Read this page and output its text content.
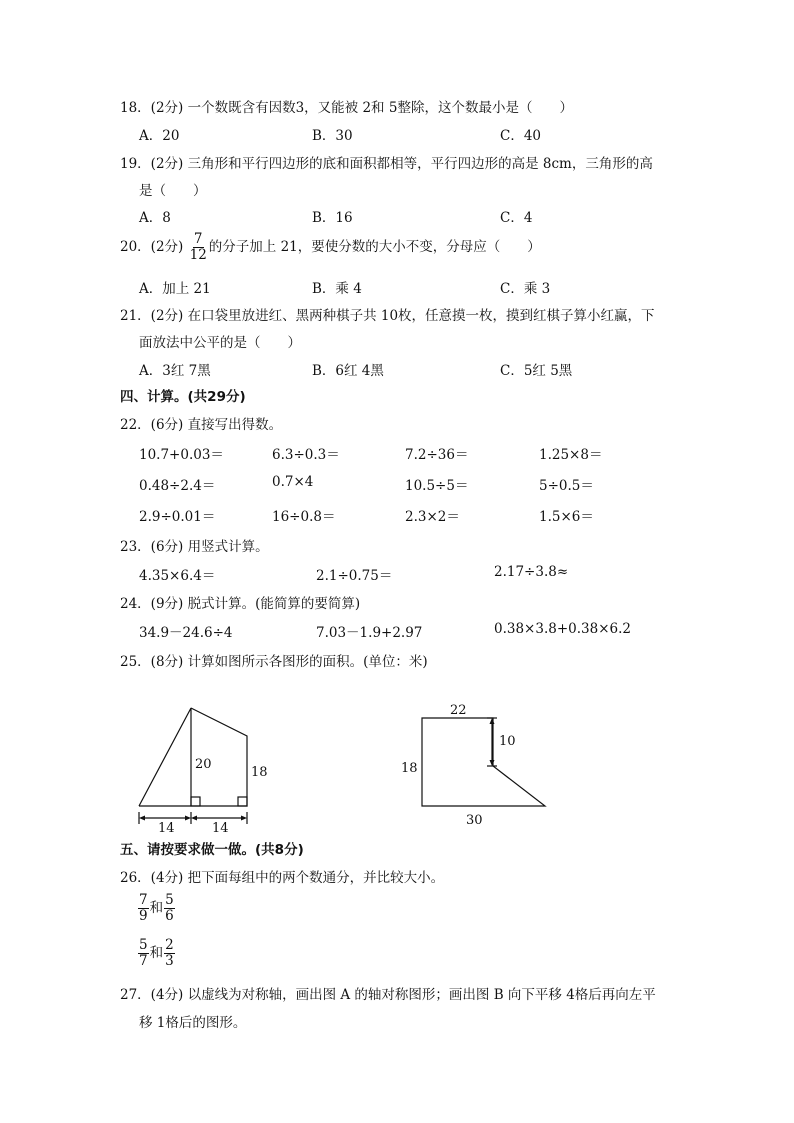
18．(2分) 一个数既含有因数3，又能被 2和 5整除，这个数最小是（　　）
A．20	B．30	C．40
19．(2分) 三角形和平行四边形的底和面积都相等，平行四边形的高是 8cm，三角形的高
是（　　）
A．8	B．16	C．4
20．(2分) $\frac{7}{12}$ 的分子加上 21，要使分数的大小不变，分母应（　　）
A．加上 21	B．乘 4	C．乘 3
21．(2分) 在口袋里放进红、黑两种棋子共 10枚，任意摸一枚，摸到红棋子算小红赢，下
面放法中公平的是（　　）
A．3红 7黑	B．6红 4黑	C．5红 5黑
四、计算。(共29分)
22．(6分) 直接写出得数。
10.7+0.03＝	6.3÷0.3＝	7.2÷36＝	1.25×8＝
0.48÷2.4＝	0.7×4	10.5÷5＝	5÷0.5＝
2.9÷0.01＝	16÷0.8＝	2.3×2＝	1.5×6＝
23．(6分) 用竖式计算。
4.35×6.4＝	2.1÷0.75＝	2.17÷3.8≈
24．(9分) 脱式计算。(能简算的要简算)
34.9－24.6÷4	7.03－1.9+2.97	0.38×3.8+0.38×6.2
25．(8分) 计算如图所示各图形的面积。(单位：米)
20
18
14	14
22
10
18
30
五、请按要求做一做。(共8分)
26．(4分) 把下面每组中的两个数通分，并比较大小。
$\frac{7}{9}$ 和 $\frac{5}{6}$
$\frac{5}{7}$ 和 $\frac{2}{3}$
27．(4分) 以虚线为对称轴，画出图 A 的轴对称图形；画出图 B 向下平移 4格后再向左平
移 1格后的图形。
